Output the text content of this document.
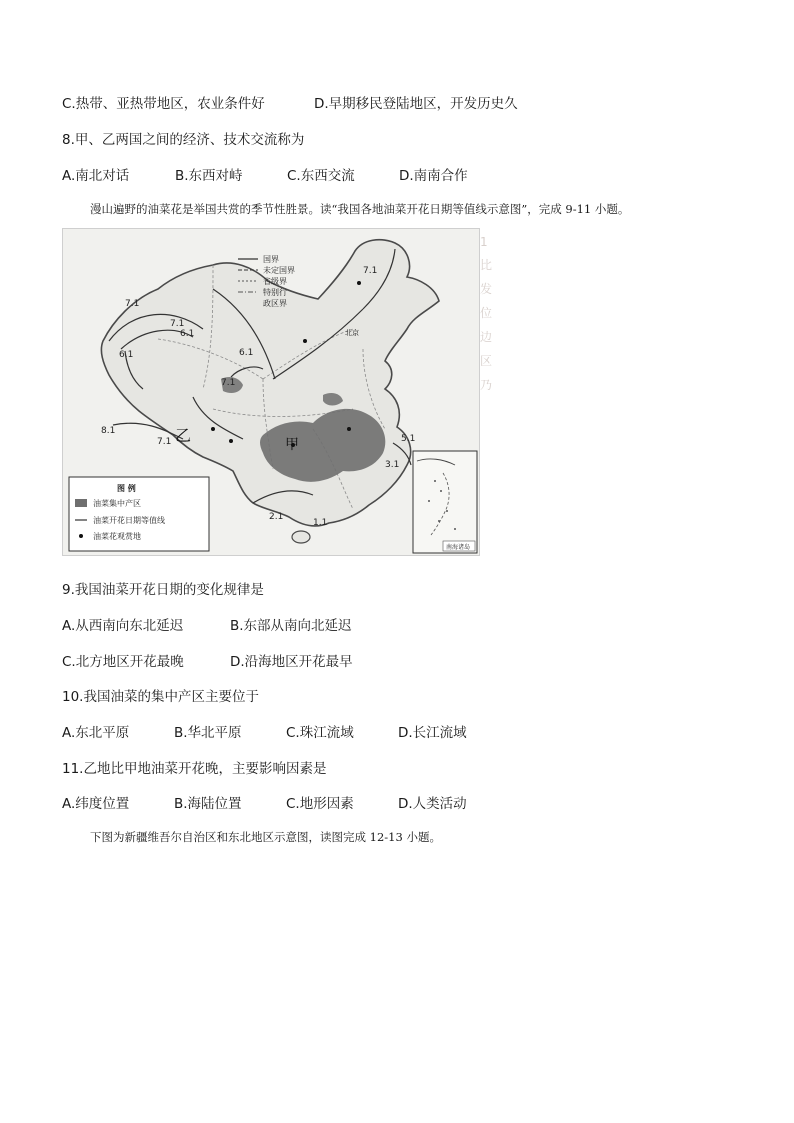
C.热带、亚热带地区，农业条件好	D.早期移民登陆地区，开发历史久
8.甲、乙两国之间的经济、技术交流称为
A.南北对话	B.东西对峙	C.东西交流	D.南南合作
漫山遍野的油菜花是举国共赏的季节性胜景。读“我国各地油菜开花日期等值线示意图”，完成 9-11 小题。
7.1
7.1
7.1
6.1
6.1	6.1
7.1
8.1
7.1	5.1
3.1
2.1
1.1
乙	甲
北京
国界
未定国界
省级界
特别行
政区界
图 例
油菜集中产区
油菜开花日期等值线
油菜花观赏地
南海诸岛
1
比
发
位
边
区
乃
9.我国油菜开花日期的变化规律是
A.从西南向东北延迟	B.东部从南向北延迟
C.北方地区开花最晚	D.沿海地区开花最早
10.我国油菜的集中产区主要位于
A.东北平原	B.华北平原	C.珠江流域	D.长江流域
11.乙地比甲地油菜开花晚，主要影响因素是
A.纬度位置	B.海陆位置	C.地形因素	D.人类活动
下图为新疆维吾尔自治区和东北地区示意图，读图完成 12-13 小题。
